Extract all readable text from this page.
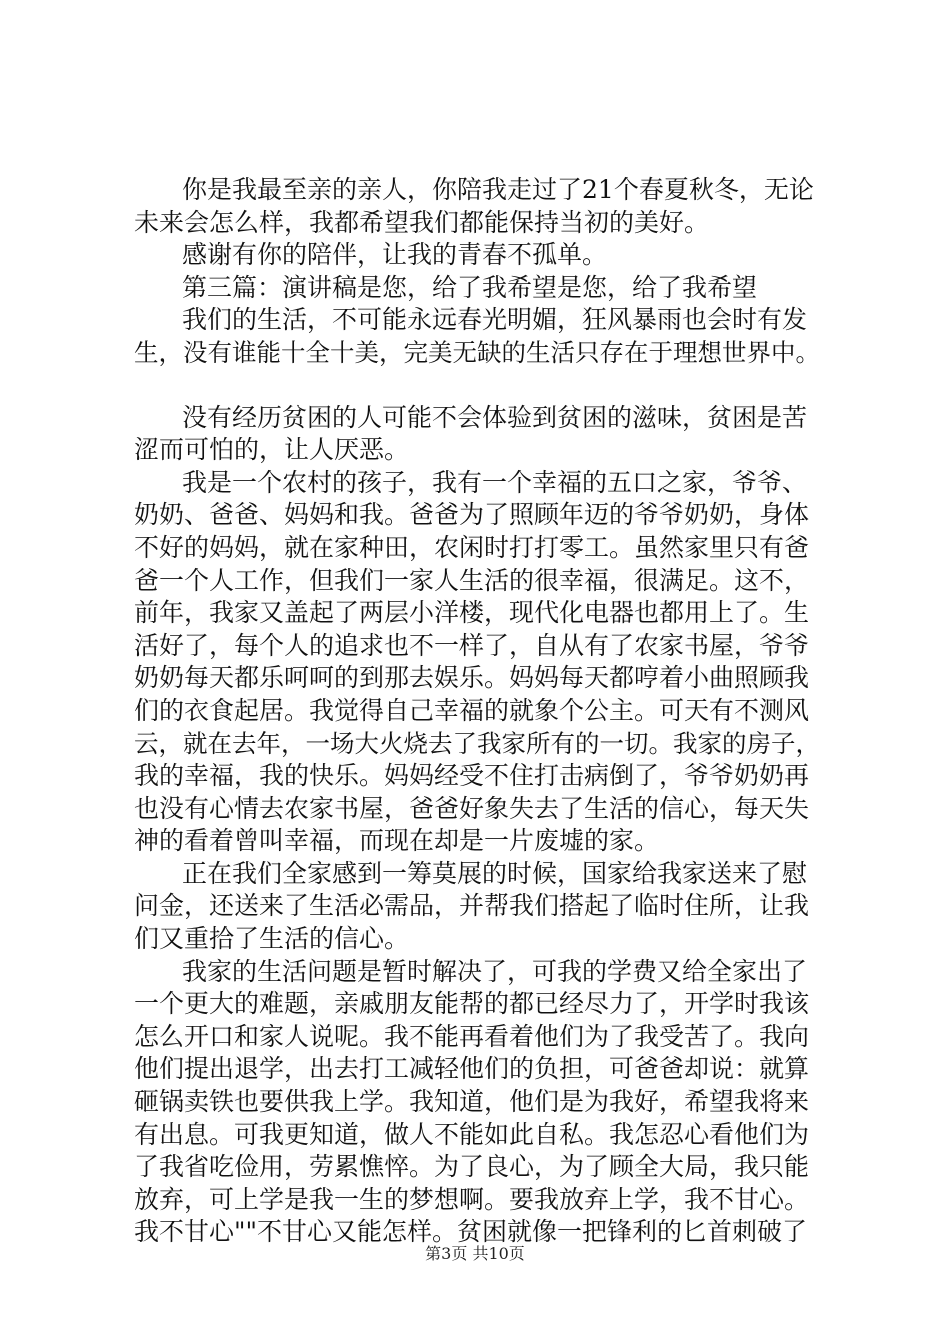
你是我最至亲的亲人，你陪我走过了21个春夏秋冬，无论
未来会怎么样，我都希望我们都能保持当初的美好。
感谢有你的陪伴，让我的青春不孤单。
第三篇：演讲稿是您，给了我希望是您，给了我希望
我们的生活，不可能永远春光明媚，狂风暴雨也会时有发
生，没有谁能十全十美，完美无缺的生活只存在于理想世界中。
没有经历贫困的人可能不会体验到贫困的滋味，贫困是苦
涩而可怕的，让人厌恶。
我是一个农村的孩子，我有一个幸福的五口之家，爷爷、
奶奶、爸爸、妈妈和我。爸爸为了照顾年迈的爷爷奶奶，身体
不好的妈妈，就在家种田，农闲时打打零工。虽然家里只有爸
爸一个人工作，但我们一家人生活的很幸福，很满足。这不，
前年，我家又盖起了两层小洋楼，现代化电器也都用上了。生
活好了，每个人的追求也不一样了，自从有了农家书屋，爷爷
奶奶每天都乐呵呵的到那去娱乐。妈妈每天都哼着小曲照顾我
们的衣食起居。我觉得自己幸福的就象个公主。可天有不测风
云，就在去年，一场大火烧去了我家所有的一切。我家的房子，
我的幸福，我的快乐。妈妈经受不住打击病倒了，爷爷奶奶再
也没有心情去农家书屋，爸爸好象失去了生活的信心，每天失
神的看着曾叫幸福，而现在却是一片废墟的家。
正在我们全家感到一筹莫展的时候，国家给我家送来了慰
问金，还送来了生活必需品，并帮我们搭起了临时住所，让我
们又重拾了生活的信心。
我家的生活问题是暂时解决了，可我的学费又给全家出了
一个更大的难题，亲戚朋友能帮的都已经尽力了，开学时我该
怎么开口和家人说呢。我不能再看着他们为了我受苦了。我向
他们提出退学，出去打工减轻他们的负担，可爸爸却说：就算
砸锅卖铁也要供我上学。我知道，他们是为我好，希望我将来
有出息。可我更知道，做人不能如此自私。我怎忍心看他们为
了我省吃俭用，劳累憔悴。为了良心，为了顾全大局，我只能
放弃，可上学是我一生的梦想啊。要我放弃上学，我不甘心。
我不甘心""不甘心又能怎样。贫困就像一把锋利的匕首刺破了
第3页 共10页
